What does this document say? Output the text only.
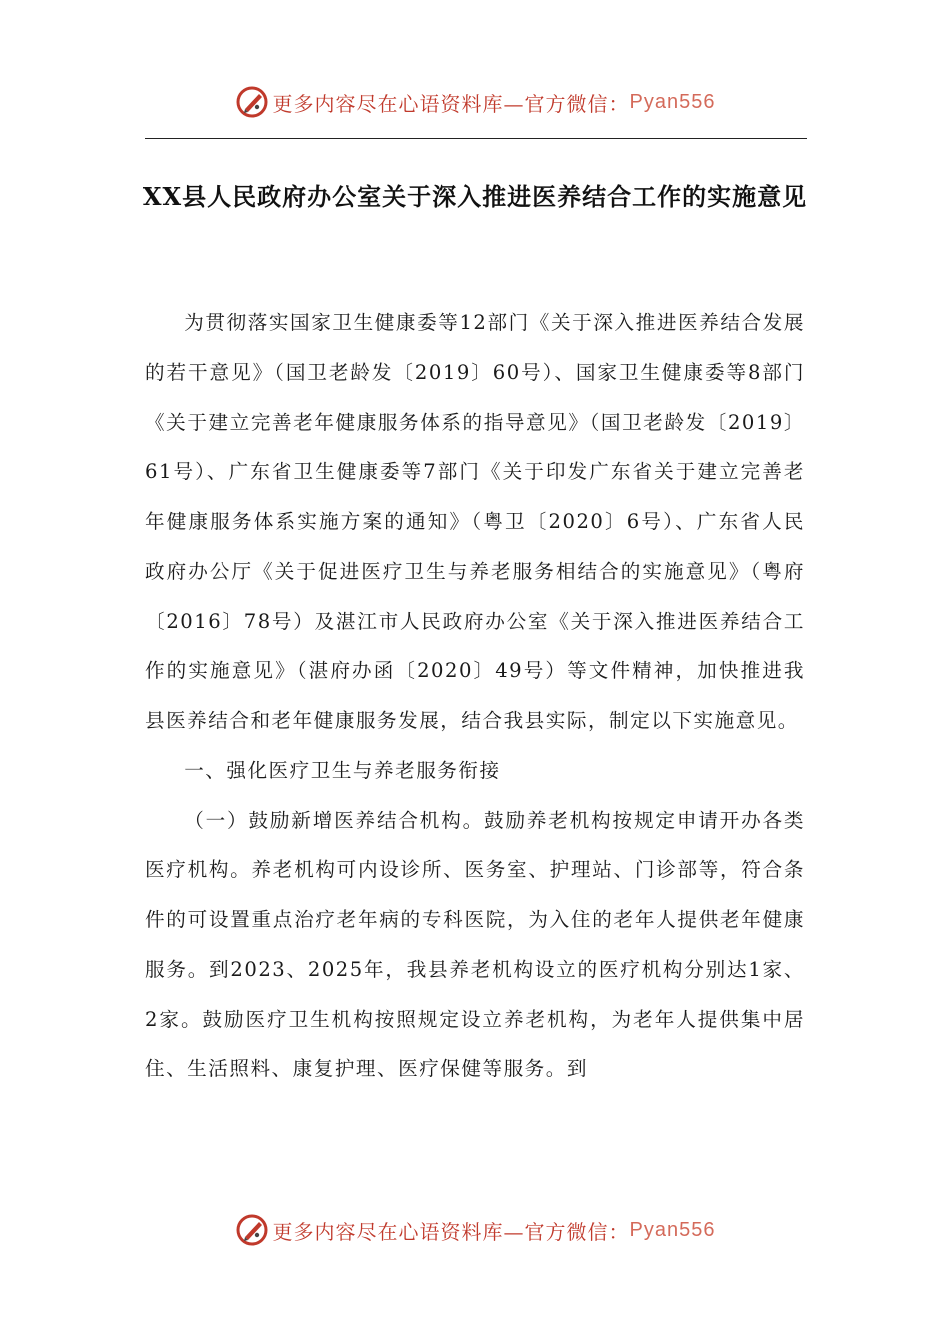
更多内容尽在心语资料库—官方微信： Pyan556
XX县人民政府办公室关于深入推进医养结合工作的实施意见

为贯彻落实国家卫生健康委等12部门《关于深入推进医养结合发展的若干意见》（国卫老龄发〔2019〕60号）、国家卫生健康委等8部门《关于建立完善老年健康服务体系的指导意见》（国卫老龄发〔2019〕61号）、广东省卫生健康委等7部门《关于印发广东省关于建立完善老年健康服务体系实施方案的通知》（粤卫〔2020〕6号）、广东省人民政府办公厅《关于促进医疗卫生与养老服务相结合的实施意见》（粤府〔2016〕78号）及湛江市人民政府办公室《关于深入推进医养结合工作的实施意见》（湛府办函〔2020〕49号）等文件精神，加快推进我县医养结合和老年健康服务发展，结合我县实际，制定以下实施意见。

一、强化医疗卫生与养老服务衔接

（一）鼓励新增医养结合机构。鼓励养老机构按规定申请开办各类医疗机构。养老机构可内设诊所、医务室、护理站、门诊部等，符合条件的可设置重点治疗老年病的专科医院，为入住的老年人提供老年健康服务。到2023、2025年，我县养老机构设立的医疗机构分别达1家、2家。鼓励医疗卫生机构按照规定设立养老机构，为老年人提供集中居住、生活照料、康复护理、医疗保健等服务。到

更多内容尽在心语资料库—官方微信： Pyan556
